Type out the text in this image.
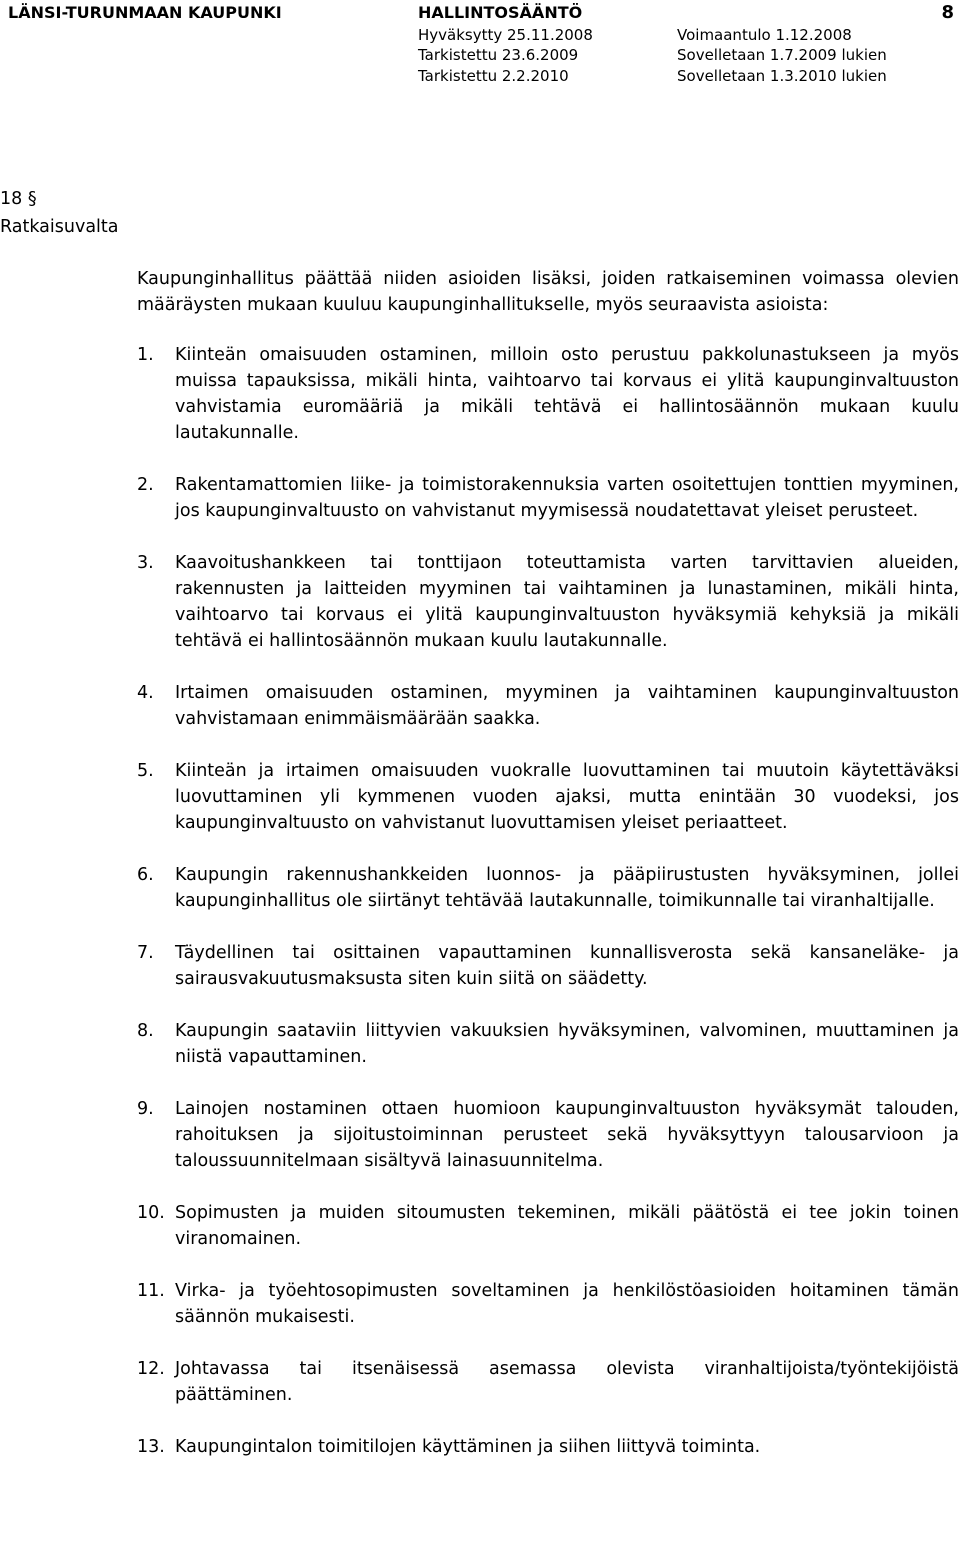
LÄNSI-TURUNMAAN KAUPUNKI	HALLINTOSÄÄNTÖ	8
Hyväksytty 25.11.2008	Voimaantulo 1.12.2008
Tarkistettu 23.6.2009	Sovelletaan 1.7.2009 lukien
Tarkistettu 2.2.2010	Sovelletaan 1.3.2010 lukien
18 §
Ratkaisuvalta

Kaupunginhallitus päättää niiden asioiden lisäksi, joiden ratkaiseminen voimassa olevien määräysten mukaan kuuluu kaupunginhallitukselle, myös seuraavista asioista:

1. Kiinteän omaisuuden ostaminen, milloin osto perustuu pakkolunastukseen ja myös muissa tapauksissa, mikäli hinta, vaihtoarvo tai korvaus ei ylitä kaupunginvaltuuston vahvistamia euromääriä ja mikäli tehtävä ei hallintosäännön mukaan kuulu lautakunnalle.
2. Rakentamattomien liike- ja toimistorakennuksia varten osoitettujen tonttien myyminen, jos kaupunginvaltuusto on vahvistanut myymisessä noudatettavat yleiset perusteet.
3. Kaavoitushankkeen tai tonttijaon toteuttamista varten tarvittavien alueiden, rakennusten ja laitteiden myyminen tai vaihtaminen ja lunastaminen, mikäli hinta, vaihtoarvo tai korvaus ei ylitä kaupunginvaltuuston hyväksymiä kehyksiä ja mikäli tehtävä ei hallintosäännön mukaan kuulu lautakunnalle.
4. Irtaimen omaisuuden ostaminen, myyminen ja vaihtaminen kaupunginvaltuuston vahvistamaan enimmäismäärään saakka.
5. Kiinteän ja irtaimen omaisuuden vuokralle luovuttaminen tai muutoin käytettäväksi luovuttaminen yli kymmenen vuoden ajaksi, mutta enintään 30 vuodeksi, jos kaupunginvaltuusto on vahvistanut luovuttamisen yleiset periaatteet.
6. Kaupungin rakennushankkeiden luonnos- ja pääpiirustusten hyväksyminen, jollei kaupunginhallitus ole siirtänyt tehtävää lautakunnalle, toimikunnalle tai viranhaltijalle.
7. Täydellinen tai osittainen vapauttaminen kunnallisverosta sekä kansaneläke- ja sairausvakuutusmaksusta siten kuin siitä on säädetty.
8. Kaupungin saataviin liittyvien vakuuksien hyväksyminen, valvominen, muuttaminen ja niistä vapauttaminen.
9. Lainojen nostaminen ottaen huomioon kaupunginvaltuuston hyväksymät talouden, rahoituksen ja sijoitustoiminnan perusteet sekä hyväksyttyyn talousarvioon ja taloussuunnitelmaan sisältyvä lainasuunnitelma.
10. Sopimusten ja muiden sitoumusten tekeminen, mikäli päätöstä ei tee jokin toinen viranomainen.
11. Virka- ja työehtosopimusten soveltaminen ja henkilöstöasioiden hoitaminen tämän säännön mukaisesti.
12. Johtavassa tai itsenäisessä asemassa olevista viranhaltijoista/työntekijöistä päättäminen.
13. Kaupungintalon toimitilojen käyttäminen ja siihen liittyvä toiminta.
